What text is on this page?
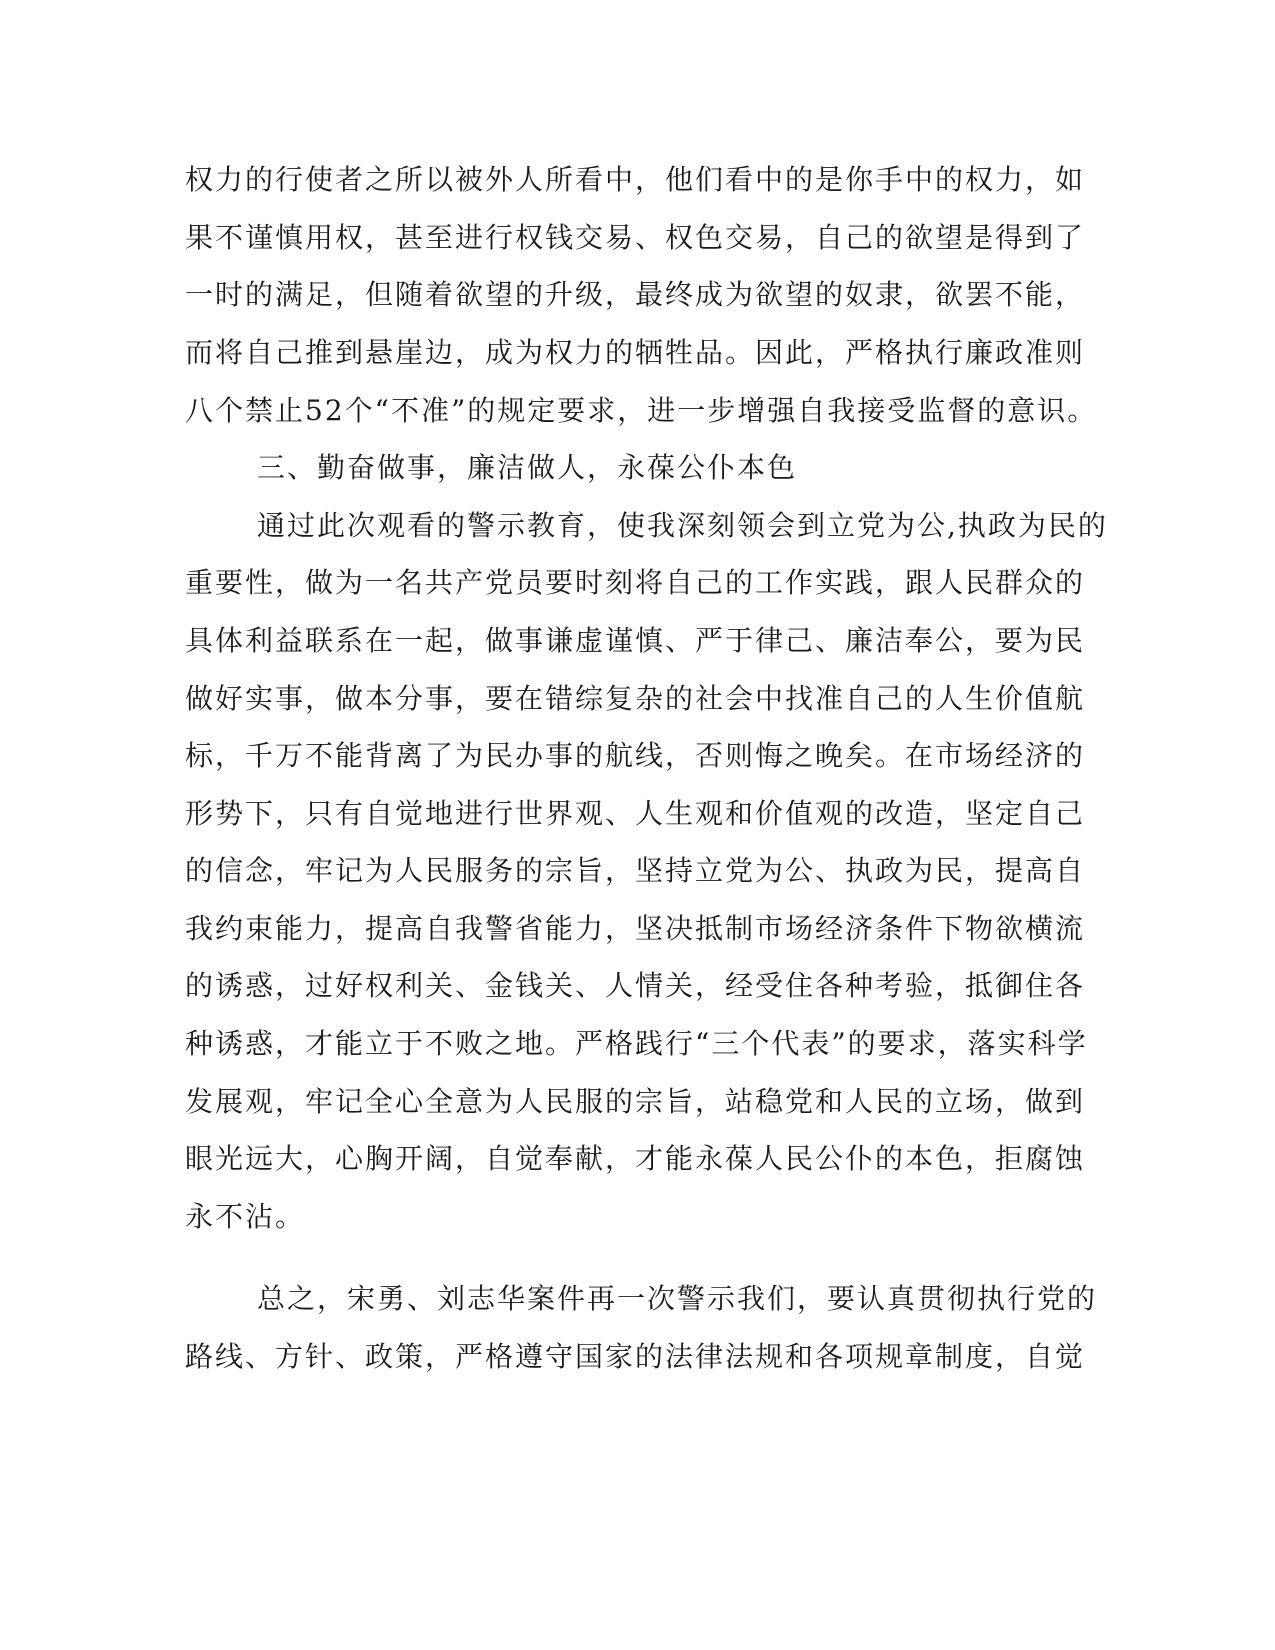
权力的行使者之所以被外人所看中，他们看中的是你手中的权力，如
果不谨慎用权，甚至进行权钱交易、权色交易，自己的欲望是得到了
一时的满足，但随着欲望的升级，最终成为欲望的奴隶，欲罢不能，
而将自己推到悬崖边，成为权力的牺牲品。因此，严格执行廉政准则
八个禁止52个“不准”的规定要求，进一步增强自我接受监督的意识。
三、勤奋做事，廉洁做人，永葆公仆本色
通过此次观看的警示教育，使我深刻领会到立党为公,执政为民的
重要性，做为一名共产党员要时刻将自己的工作实践，跟人民群众的
具体利益联系在一起，做事谦虚谨慎、严于律己、廉洁奉公，要为民
做好实事，做本分事，要在错综复杂的社会中找准自己的人生价值航
标，千万不能背离了为民办事的航线，否则悔之晚矣。在市场经济的
形势下，只有自觉地进行世界观、人生观和价值观的改造，坚定自己
的信念，牢记为人民服务的宗旨，坚持立党为公、执政为民，提高自
我约束能力，提高自我警省能力，坚决抵制市场经济条件下物欲横流
的诱惑，过好权利关、金钱关、人情关，经受住各种考验，抵御住各
种诱惑，才能立于不败之地。严格践行“三个代表”的要求，落实科学
发展观，牢记全心全意为人民服的宗旨，站稳党和人民的立场，做到
眼光远大，心胸开阔，自觉奉献，才能永葆人民公仆的本色，拒腐蚀
永不沾。
总之，宋勇、刘志华案件再一次警示我们，要认真贯彻执行党的
路线、方针、政策，严格遵守国家的法律法规和各项规章制度，自觉
